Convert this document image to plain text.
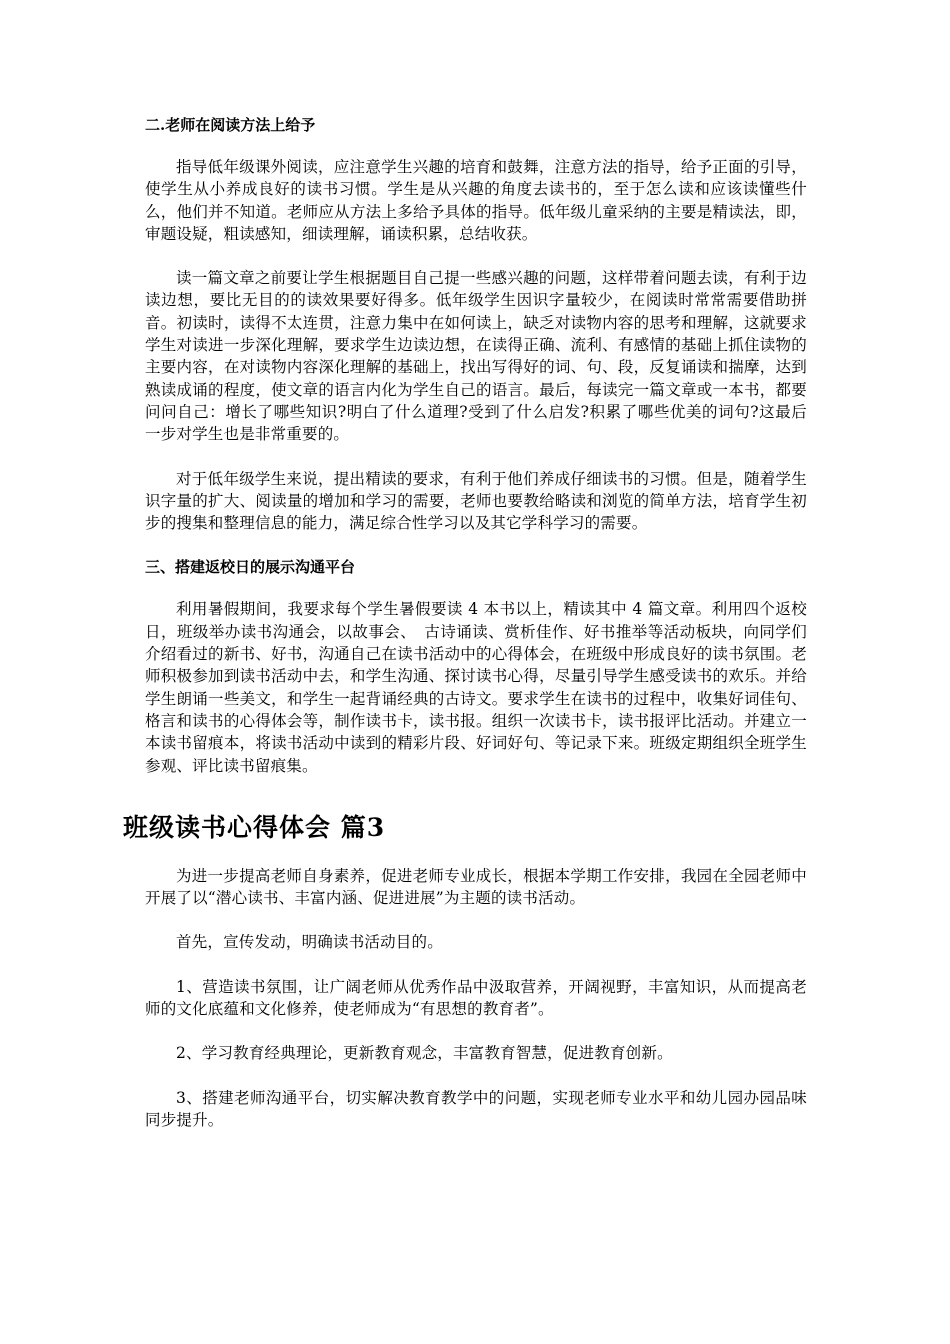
二.老师在阅读方法上给予

指导低年级课外阅读，应注意学生兴趣的培育和鼓舞，注意方法的指导，给予正面的引导，使学生从小养成良好的读书习惯。学生是从兴趣的角度去读书的，至于怎么读和应该读懂些什么，他们并不知道。老师应从方法上多给予具体的指导。低年级儿童采纳的主要是精读法，即，审题设疑，粗读感知，细读理解，诵读积累，总结收获。

读一篇文章之前要让学生根据题目自己提一些感兴趣的问题，这样带着问题去读，有利于边读边想，要比无目的的读效果要好得多。低年级学生因识字量较少，在阅读时常常需要借助拼音。初读时，读得不太连贯，注意力集中在如何读上，缺乏对读物内容的思考和理解，这就要求学生对读进一步深化理解，要求学生边读边想，在读得正确、流利、有感情的基础上抓住读物的主要内容，在对读物内容深化理解的基础上，找出写得好的词、句、段，反复诵读和揣摩，达到熟读成诵的程度，使文章的语言内化为学生自己的语言。最后，每读完一篇文章或一本书，都要问问自己：增长了哪些知识?明白了什么道理?受到了什么启发?积累了哪些优美的词句?这最后一步对学生也是非常重要的。

对于低年级学生来说，提出精读的要求，有利于他们养成仔细读书的习惯。但是，随着学生识字量的扩大、阅读量的增加和学习的需要，老师也要教给略读和浏览的简单方法，培育学生初步的搜集和整理信息的能力，满足综合性学习以及其它学科学习的需要。

三、搭建返校日的展示沟通平台

利用暑假期间，我要求每个学生暑假要读 4 本书以上，精读其中 4 篇文章。利用四个返校日，班级举办读书沟通会，以故事会、　古诗诵读、赏析佳作、好书推举等活动板块，向同学们介绍看过的新书、好书，沟通自己在读书活动中的心得体会，在班级中形成良好的读书氛围。老师积极参加到读书活动中去，和学生沟通、探讨读书心得，尽量引导学生感受读书的欢乐。并给学生朗诵一些美文，和学生一起背诵经典的古诗文。要求学生在读书的过程中，收集好词佳句、格言和读书的心得体会等，制作读书卡，读书报。组织一次读书卡，读书报评比活动。并建立一本读书留痕本，将读书活动中读到的精彩片段、好词好句、等记录下来。班级定期组织全班学生参观、评比读书留痕集。

班级读书心得体会 篇3

为进一步提高老师自身素养，促进老师专业成长，根据本学期工作安排，我园在全园老师中开展了以“潜心读书、丰富内涵、促进进展”为主题的读书活动。

首先，宣传发动，明确读书活动目的。

1、营造读书氛围，让广阔老师从优秀作品中汲取营养，开阔视野，丰富知识，从而提高老师的文化底蕴和文化修养，使老师成为“有思想的教育者”。

2、学习教育经典理论，更新教育观念，丰富教育智慧，促进教育创新。

3、搭建老师沟通平台，切实解决教育教学中的问题，实现老师专业水平和幼儿园办园品味同步提升。
